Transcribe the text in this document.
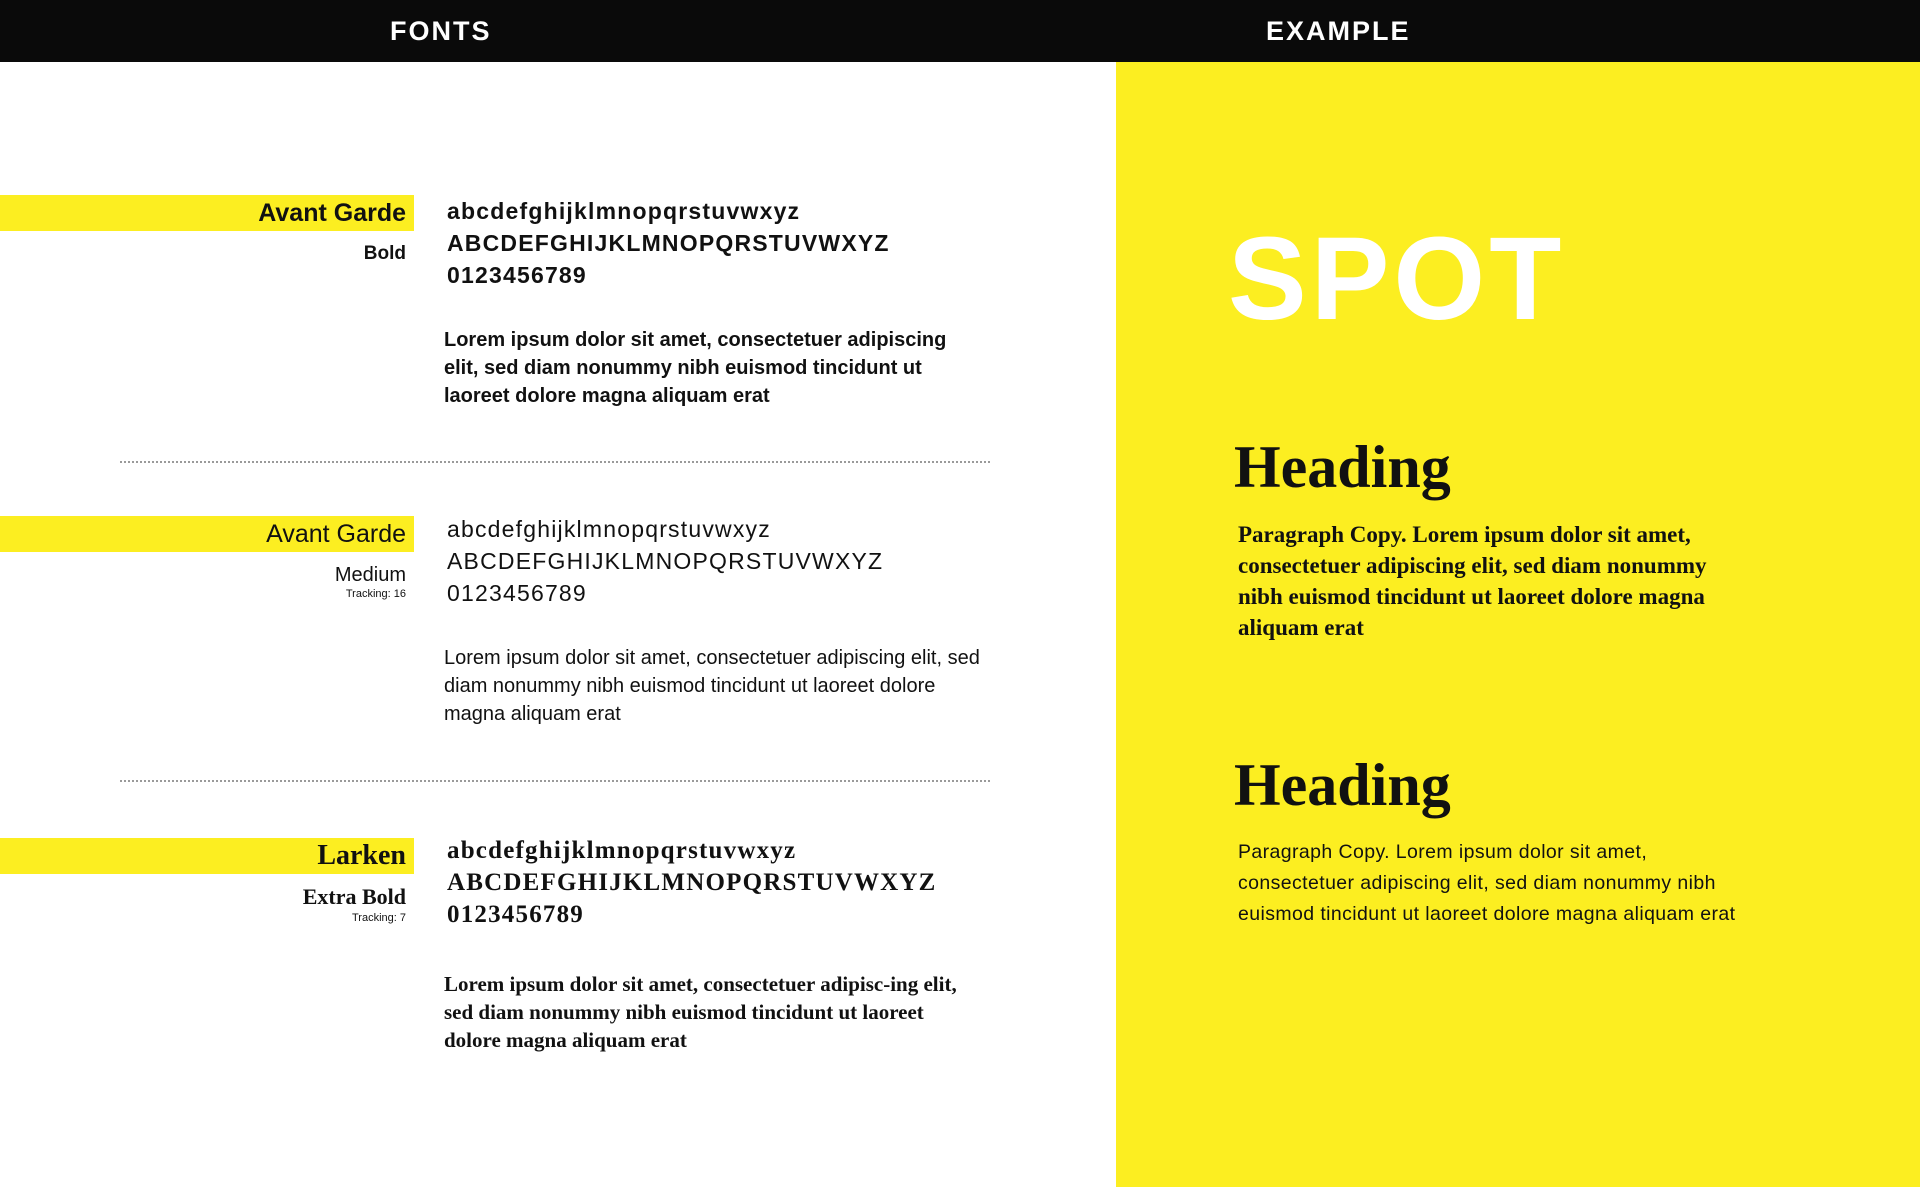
FONTS	EXAMPLE
Avant Garde
Bold
abcdefghijklmnopqrstuvwxyz
ABCDEFGHIJKLMNOPQRSTUVWXYZ
0123456789
Lorem ipsum dolor sit amet, consectetuer adipiscing elit, sed diam nonummy nibh euismod tincidunt ut laoreet dolore magna aliquam erat
Avant Garde
Medium
Tracking: 16
abcdefghijklmnopqrstuvwxyz
ABCDEFGHIJKLMNOPQRSTUVWXYZ
0123456789
Lorem ipsum dolor sit amet, consectetuer adipiscing elit, sed diam nonummy nibh euismod tincidunt ut laoreet dolore magna aliquam erat
Larken
Extra Bold
Tracking: 7
abcdefghijklmnopqrstuvwxyz
ABCDEFGHIJKLMNOPQRSTUVWXYZ
0123456789
Lorem ipsum dolor sit amet, consectetuer adipisc-ing elit, sed diam nonummy nibh euismod tincidunt ut laoreet dolore magna aliquam erat
SPOT
Heading
Paragraph Copy. Lorem ipsum dolor sit amet, consectetuer adipiscing elit, sed diam nonummy nibh euismod tincidunt ut laoreet dolore magna aliquam erat
Heading
Paragraph Copy. Lorem ipsum dolor sit amet, consectetuer adipiscing elit, sed diam nonummy nibh euismod tincidunt ut laoreet dolore magna aliquam erat
